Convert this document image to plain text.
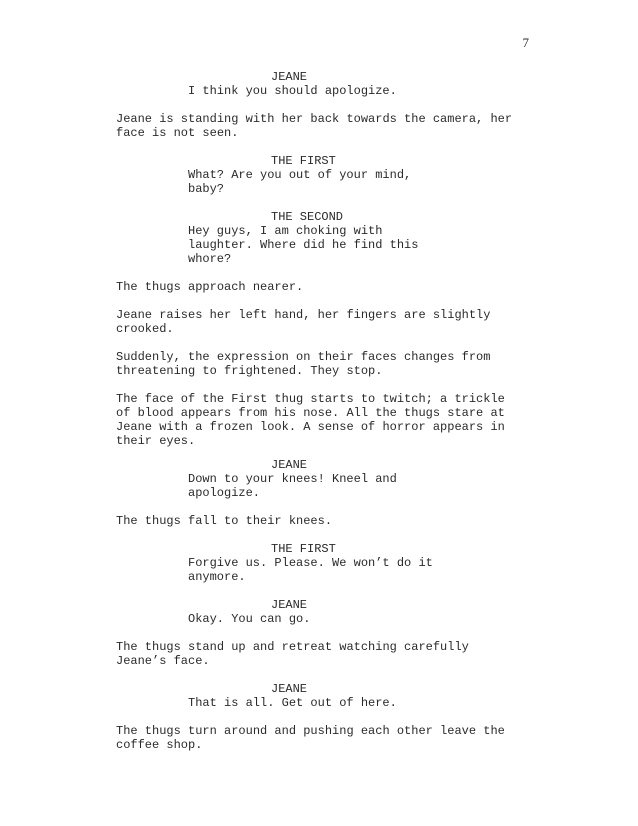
7
JEANE
I think you should apologize.
Jeane is standing with her back towards the camera, her
face is not seen.
THE FIRST
What? Are you out of your mind,
baby?
THE SECOND
Hey guys, I am choking with
laughter. Where did he find this
whore?
The thugs approach nearer.
Jeane raises her left hand, her fingers are slightly
crooked.
Suddenly, the expression on their faces changes from
threatening to frightened. They stop.
The face of the First thug starts to twitch; a trickle
of blood appears from his nose. All the thugs stare at
Jeane with a frozen look. A sense of horror appears in
their eyes.
JEANE
Down to your knees! Kneel and
apologize.
The thugs fall to their knees.
THE FIRST
Forgive us. Please. We won’t do it
anymore.
JEANE
Okay. You can go.
The thugs stand up and retreat watching carefully
Jeane’s face.
JEANE
That is all. Get out of here.
The thugs turn around and pushing each other leave the
coffee shop.
